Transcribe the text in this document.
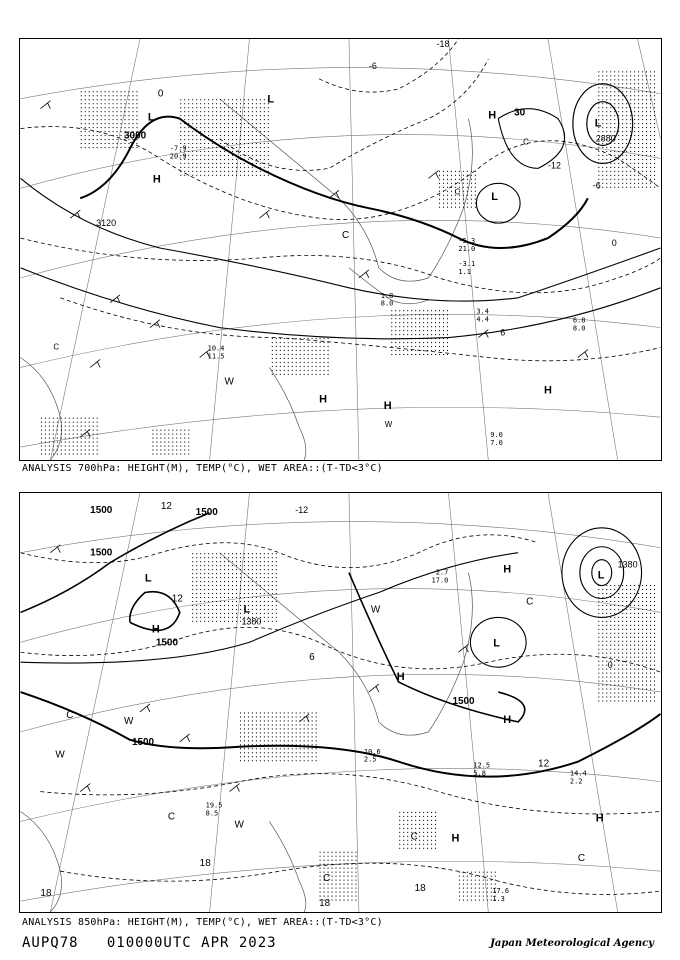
3000
3120
2880
30
0
-6
-12
-18
-6
0
6
L
L
H
H
L
L
H
H
H
W
W
C
C
C
C
10.4 11.5
9.0 7.0
3.4 4.4	6.8 8.0
1.8 8.0
-5.3 21.0
-3.1 1.1
-7.9 20.9
ANALYSIS 700hPa: HEIGHT(M), TEMP(°C), WET AREA::(T-TD<3°C)
1500	1500
1500
1500
1380
1380
1500
1500
12	-12
12
6
0
18
18
18
18
12
L
L
L
L
H
H
H
H
H
H
W
W
W
W
C
C
C
C
C
C
19.5 8.5
14.4 2.2
12.5 5.8
17.6 1.3
10.6 2.5
-2.7 17.0
ANALYSIS 850hPa: HEIGHT(M), TEMP(°C), WET AREA::(T-TD<3°C)
AUPQ78   010000UTC APR 2023	Japan Meteorological Agency
